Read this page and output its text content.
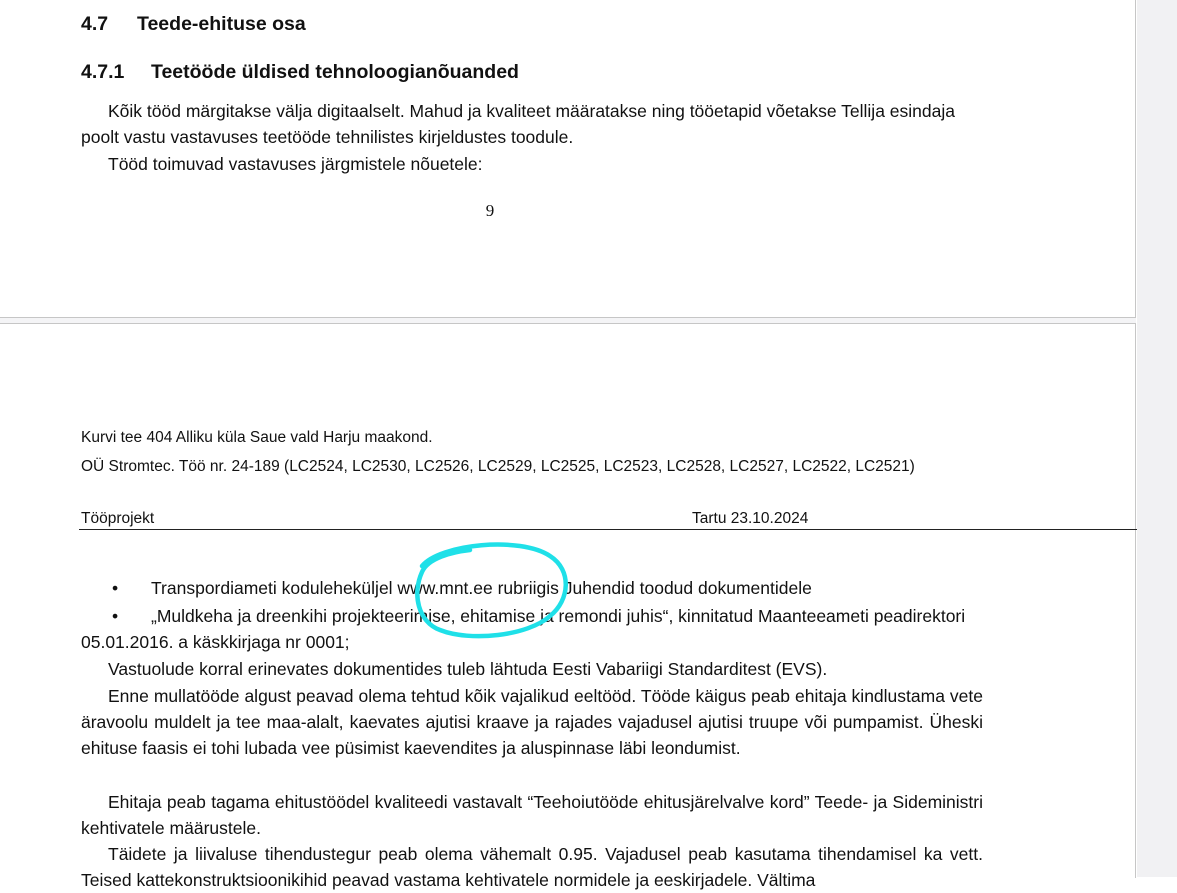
4.7 Teede-ehituse osa
4.7.1 Teetööde üldised tehnoloogianõuanded

Kõik tööd märgitakse välja digitaalselt. Mahud ja kvaliteet määratakse ning tööetapid võetakse Tellija esindaja poolt vastu vastavuses teetööde tehnilistes kirjeldustes toodule.

Tööd toimuvad vastavuses järgmistele nõuetele:

9

Kurvi tee 404 Alliku küla Saue vald Harju maakond.

OÜ Stromtec. Töö nr. 24-189 (LC2524, LC2530, LC2526, LC2529, LC2525, LC2523, LC2528, LC2527, LC2522, LC2521)

Tööprojekt	Tartu 23.10.2024

•	Transpordiameti koduleheküljel www.mnt.ee rubriigis Juhendid toodud dokumentidele
•	„Muldkeha ja dreenkihi projekteerimise, ehitamise ja remondi juhis“, kinnitatud Maanteeameti peadirektori 05.01.2016. a käskkirjaga nr 0001;

Vastuolude korral erinevates dokumentides tuleb lähtuda Eesti Vabariigi Standarditest (EVS).

Enne mullatööde algust peavad olema tehtud kõik vajalikud eeltööd. Tööde käigus peab ehitaja kindlustama vete äravoolu muldelt ja tee maa-alalt, kaevates ajutisi kraave ja rajades vajadusel ajutisi truupe või pumpamist. Üheski ehituse faasis ei tohi lubada vee püsimist kaevendites ja aluspinnase läbi leondumist.

Ehitaja peab tagama ehitustöödel kvaliteedi vastavalt “Teehoiutööde ehitusjärelvalve kord” Teede- ja Sideministri kehtivatele määrustele.

Täidete ja liivaluse tihendustegur peab olema vähemalt 0.95. Vajadusel peab kasutama tihendamisel ka vett. Teised kattekonstruktsioonikihid peavad vastama kehtivatele normidele ja eeskirjadele. Vältima
